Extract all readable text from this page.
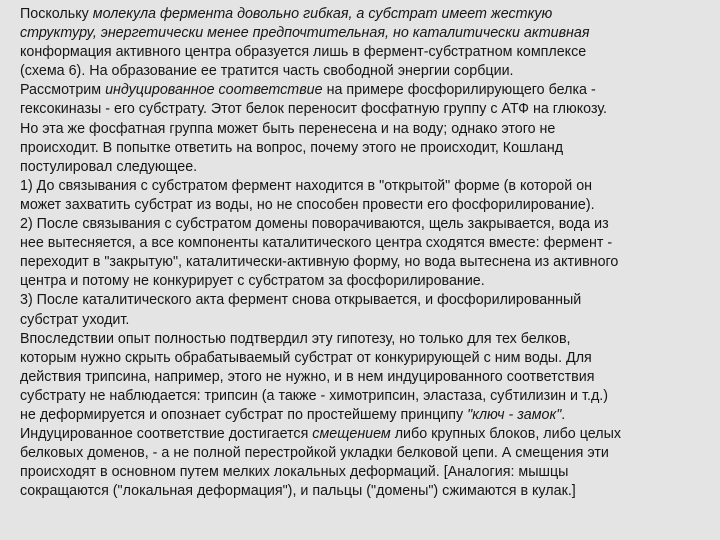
Поскольку молекула фермента довольно гибкая, а субстрат имеет жесткую
структуру, энергетически менее предпочтительная, но каталитически активная
конформация активного центра образуется лишь в фермент-субстратном комплексе
(схема 6). На образование ее тратится часть свободной энергии сорбции.
Рассмотрим индуцированное соответствие на примере фосфорилирующего белка -
гексокиназы - его субстрату. Этот белок переносит фосфатную группу с АТФ на глюкозу.
Но эта же фосфатная группа может быть перенесена и на воду; однако этого не
происходит. В попытке ответить на вопрос, почему этого не происходит, Кошланд
постулировал следующее.
1) До связывания с субстратом фермент находится в "открытой" форме (в которой он
может захватить субстрат из воды, но не способен провести его фосфорилирование).
2) После связывания с субстратом домены поворачиваются, щель закрывается, вода из
нее вытесняется, а все компоненты каталитического центра сходятся вместе: фермент -
переходит в "закрытую", каталитически-активную форму, но вода вытеснена из активного
центра и потому не конкурирует с субстратом за фосфорилирование.
3) После каталитического акта фермент снова открывается, и фосфорилированный
субстрат уходит.
Впоследствии опыт полностью подтвердил эту гипотезу, но только для тех белков,
которым нужно скрыть обрабатываемый субстрат от конкурирующей с ним воды. Для
действия трипсина, например, этого не нужно, и в нем индуцированного соответствия
субстрату не наблюдается: трипсин (а также - химотрипсин, эластаза, субтилизин и т.д.)
не деформируется и опознает субстрат по простейшему принципу "ключ - замок".
Индуцированное соответствие достигается смещением либо крупных блоков, либо целых
белковых доменов, - а не полной перестройкой укладки белковой цепи. А смещения эти
происходят в основном путем мелких локальных деформаций. [Аналогия: мышцы
сокращаются ("локальная деформация"), и пальцы ("домены") сжимаются в кулак.]
